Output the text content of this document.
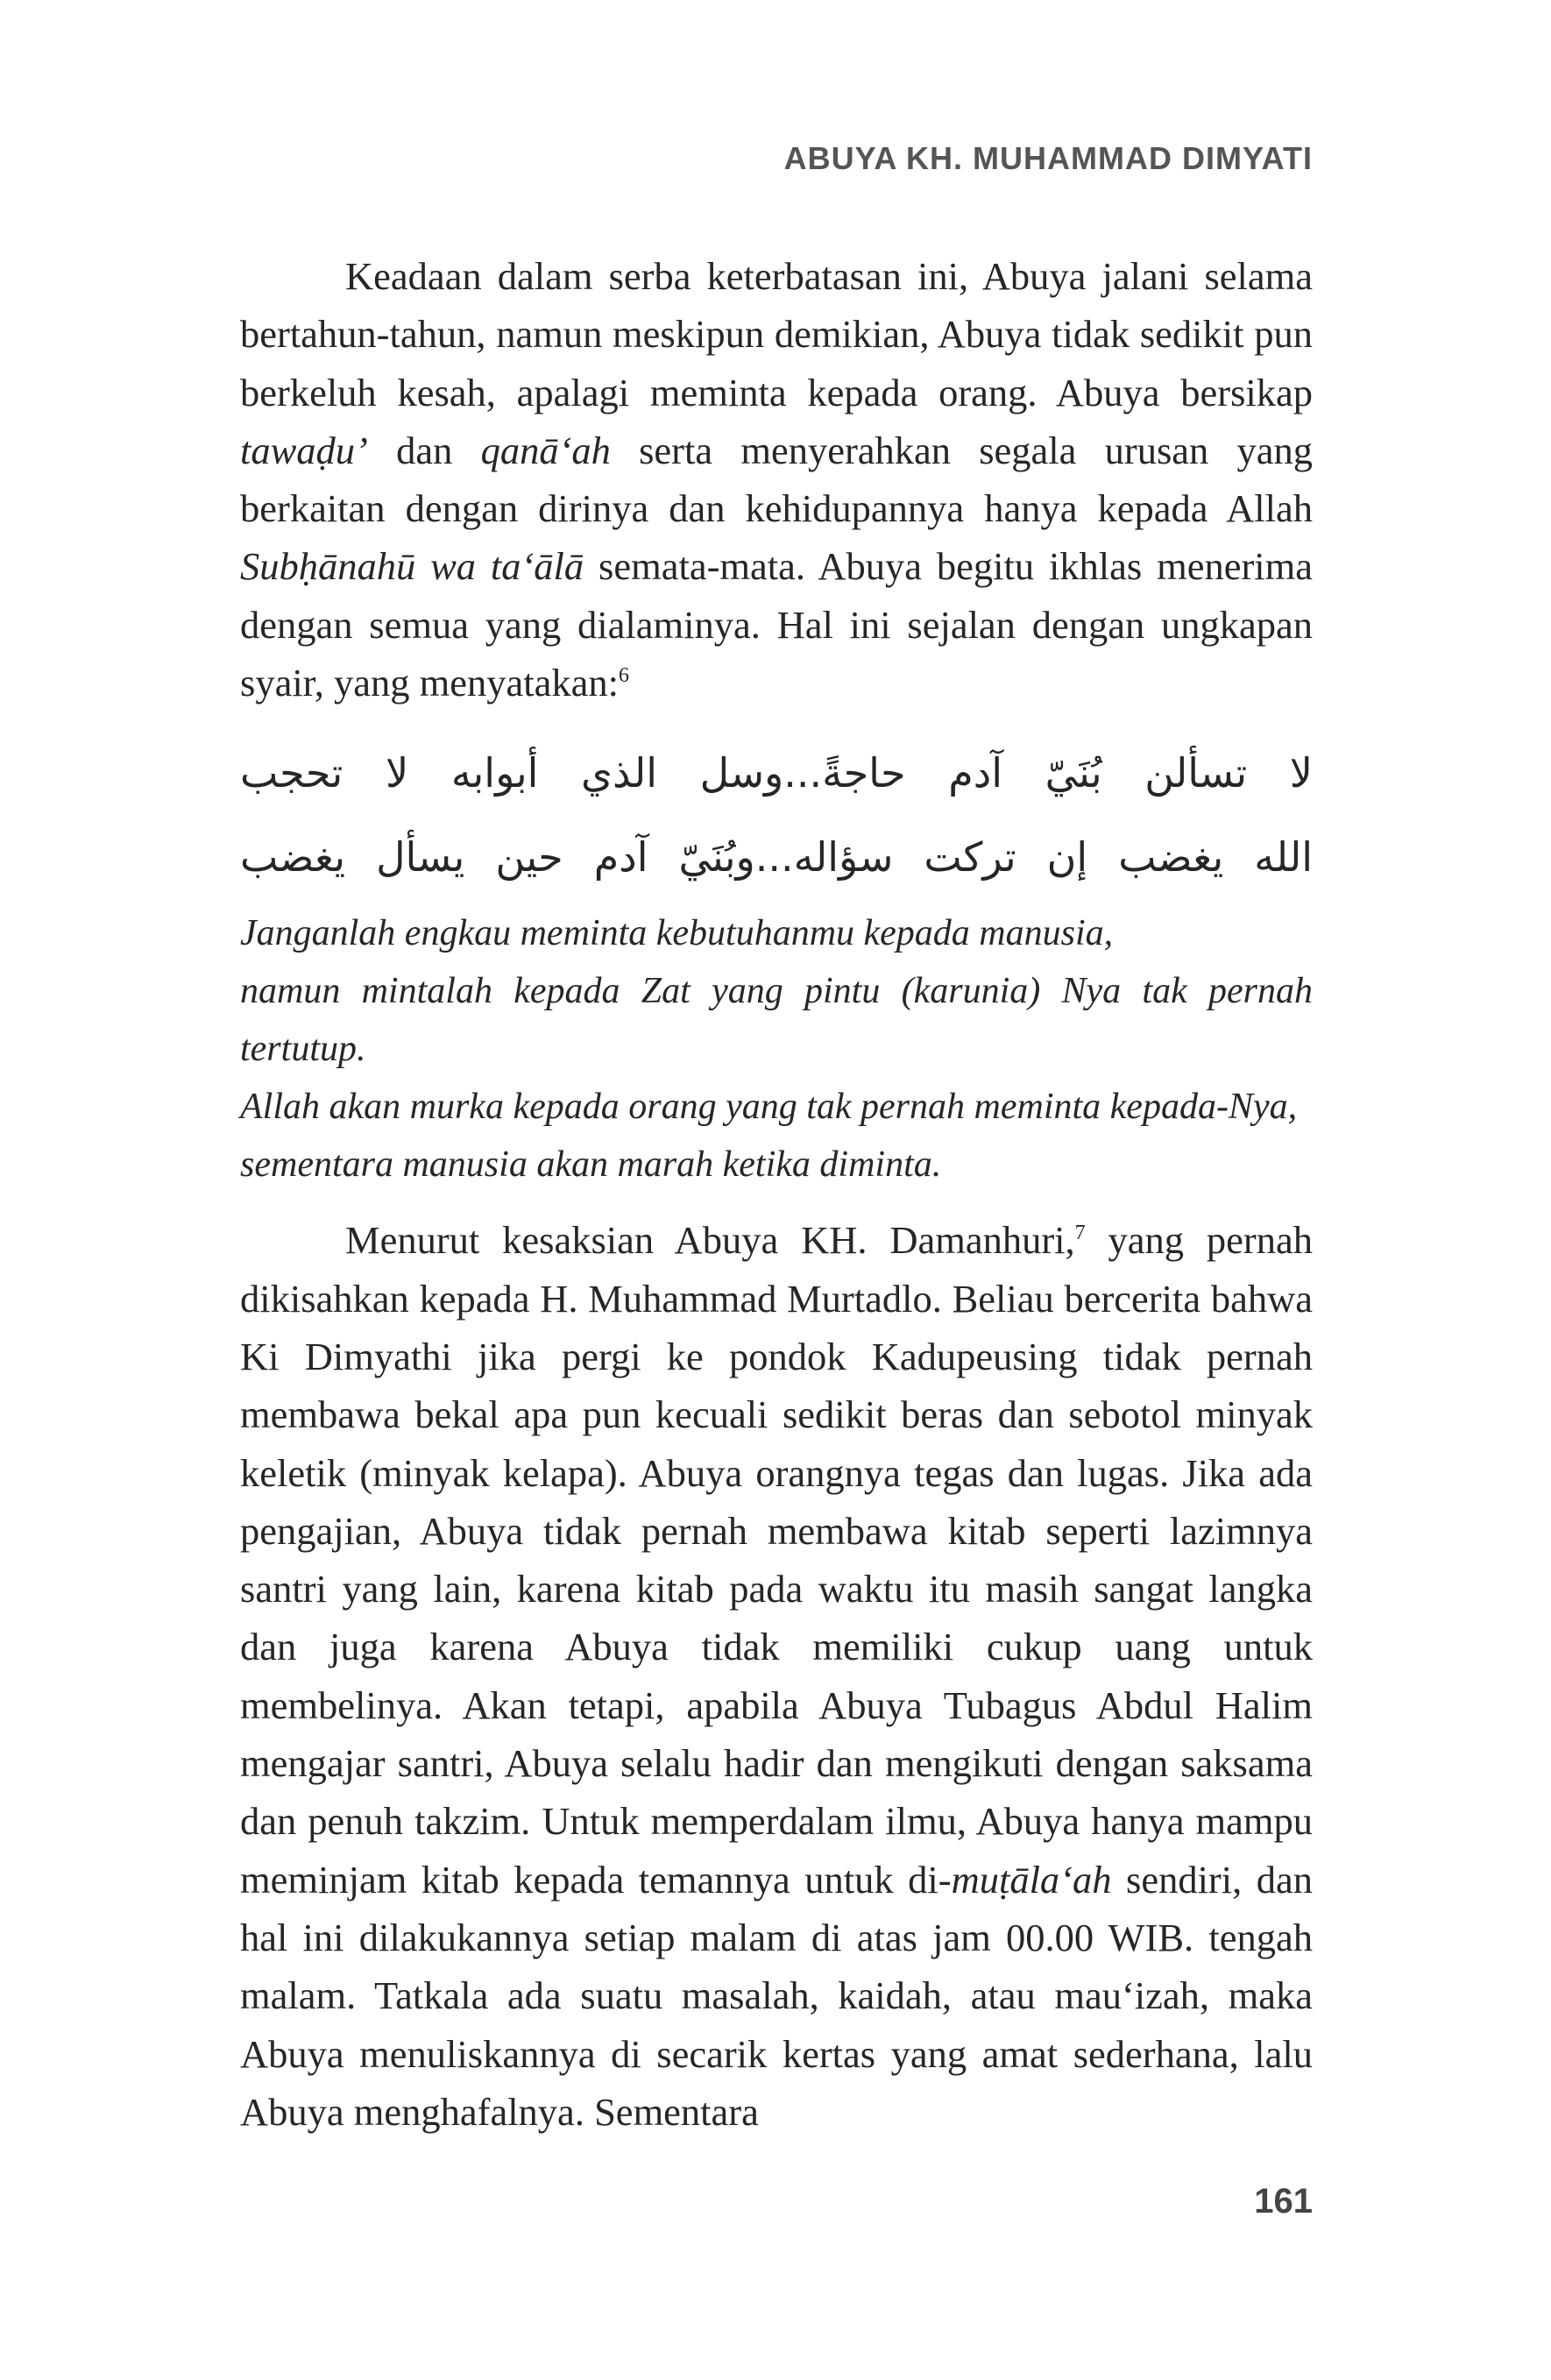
ABUYA KH. MUHAMMAD DIMYATI

Keadaan dalam serba keterbatasan ini, Abuya jalani selama bertahun-tahun, namun meskipun demikian, Abuya tidak sedikit pun berkeluh kesah, apalagi meminta kepada orang. Abuya bersikap tawaḍu’ dan qanā‘ah serta menyerahkan segala urusan yang berkaitan dengan dirinya dan kehidupannya hanya kepada Allah Subḥānahū wa ta‘ālā semata-mata. Abuya begitu ikhlas menerima dengan semua yang dialaminya. Hal ini sejalan dengan ungkapan syair, yang menyatakan:$^6$

لا تسألن بُنَيّ آدم حاجةً...وسل الذي أبوابه لا تحجب
الله يغضب إن تركت سؤاله...وبُنَيّ آدم حين يسأل يغضب
Janganlah engkau meminta kebutuhanmu kepada manusia,
namun mintalah kepada Zat yang pintu (karunia) Nya tak pernah tertutup.
Allah akan murka kepada orang yang tak pernah meminta kepada-Nya,
sementara manusia akan marah ketika diminta.

Menurut kesaksian Abuya KH. Damanhuri,$^7$ yang pernah dikisahkan kepada H. Muhammad Murtadlo. Beliau bercerita bahwa Ki Dimyathi jika pergi ke pondok Kadupeusing tidak pernah membawa bekal apa pun kecuali sedikit beras dan sebotol minyak keletik (minyak kelapa). Abuya orangnya tegas dan lugas. Jika ada pengajian, Abuya tidak pernah membawa kitab seperti lazimnya santri yang lain, karena kitab pada waktu itu masih sangat langka dan juga karena Abuya tidak memiliki cukup uang untuk membelinya. Akan tetapi, apabila Abuya Tubagus Abdul Halim mengajar santri, Abuya selalu hadir dan mengikuti dengan saksama dan penuh takzim. Untuk memperdalam ilmu, Abuya hanya mampu meminjam kitab kepada temannya untuk di-muṭāla‘ah sendiri, dan hal ini dilakukannya setiap malam di atas jam 00.00 WIB. tengah malam. Tatkala ada suatu masalah, kaidah, atau mau‘izah, maka Abuya menuliskannya di secarik kertas yang amat sederhana, lalu Abuya menghafalnya. Sementara

161
